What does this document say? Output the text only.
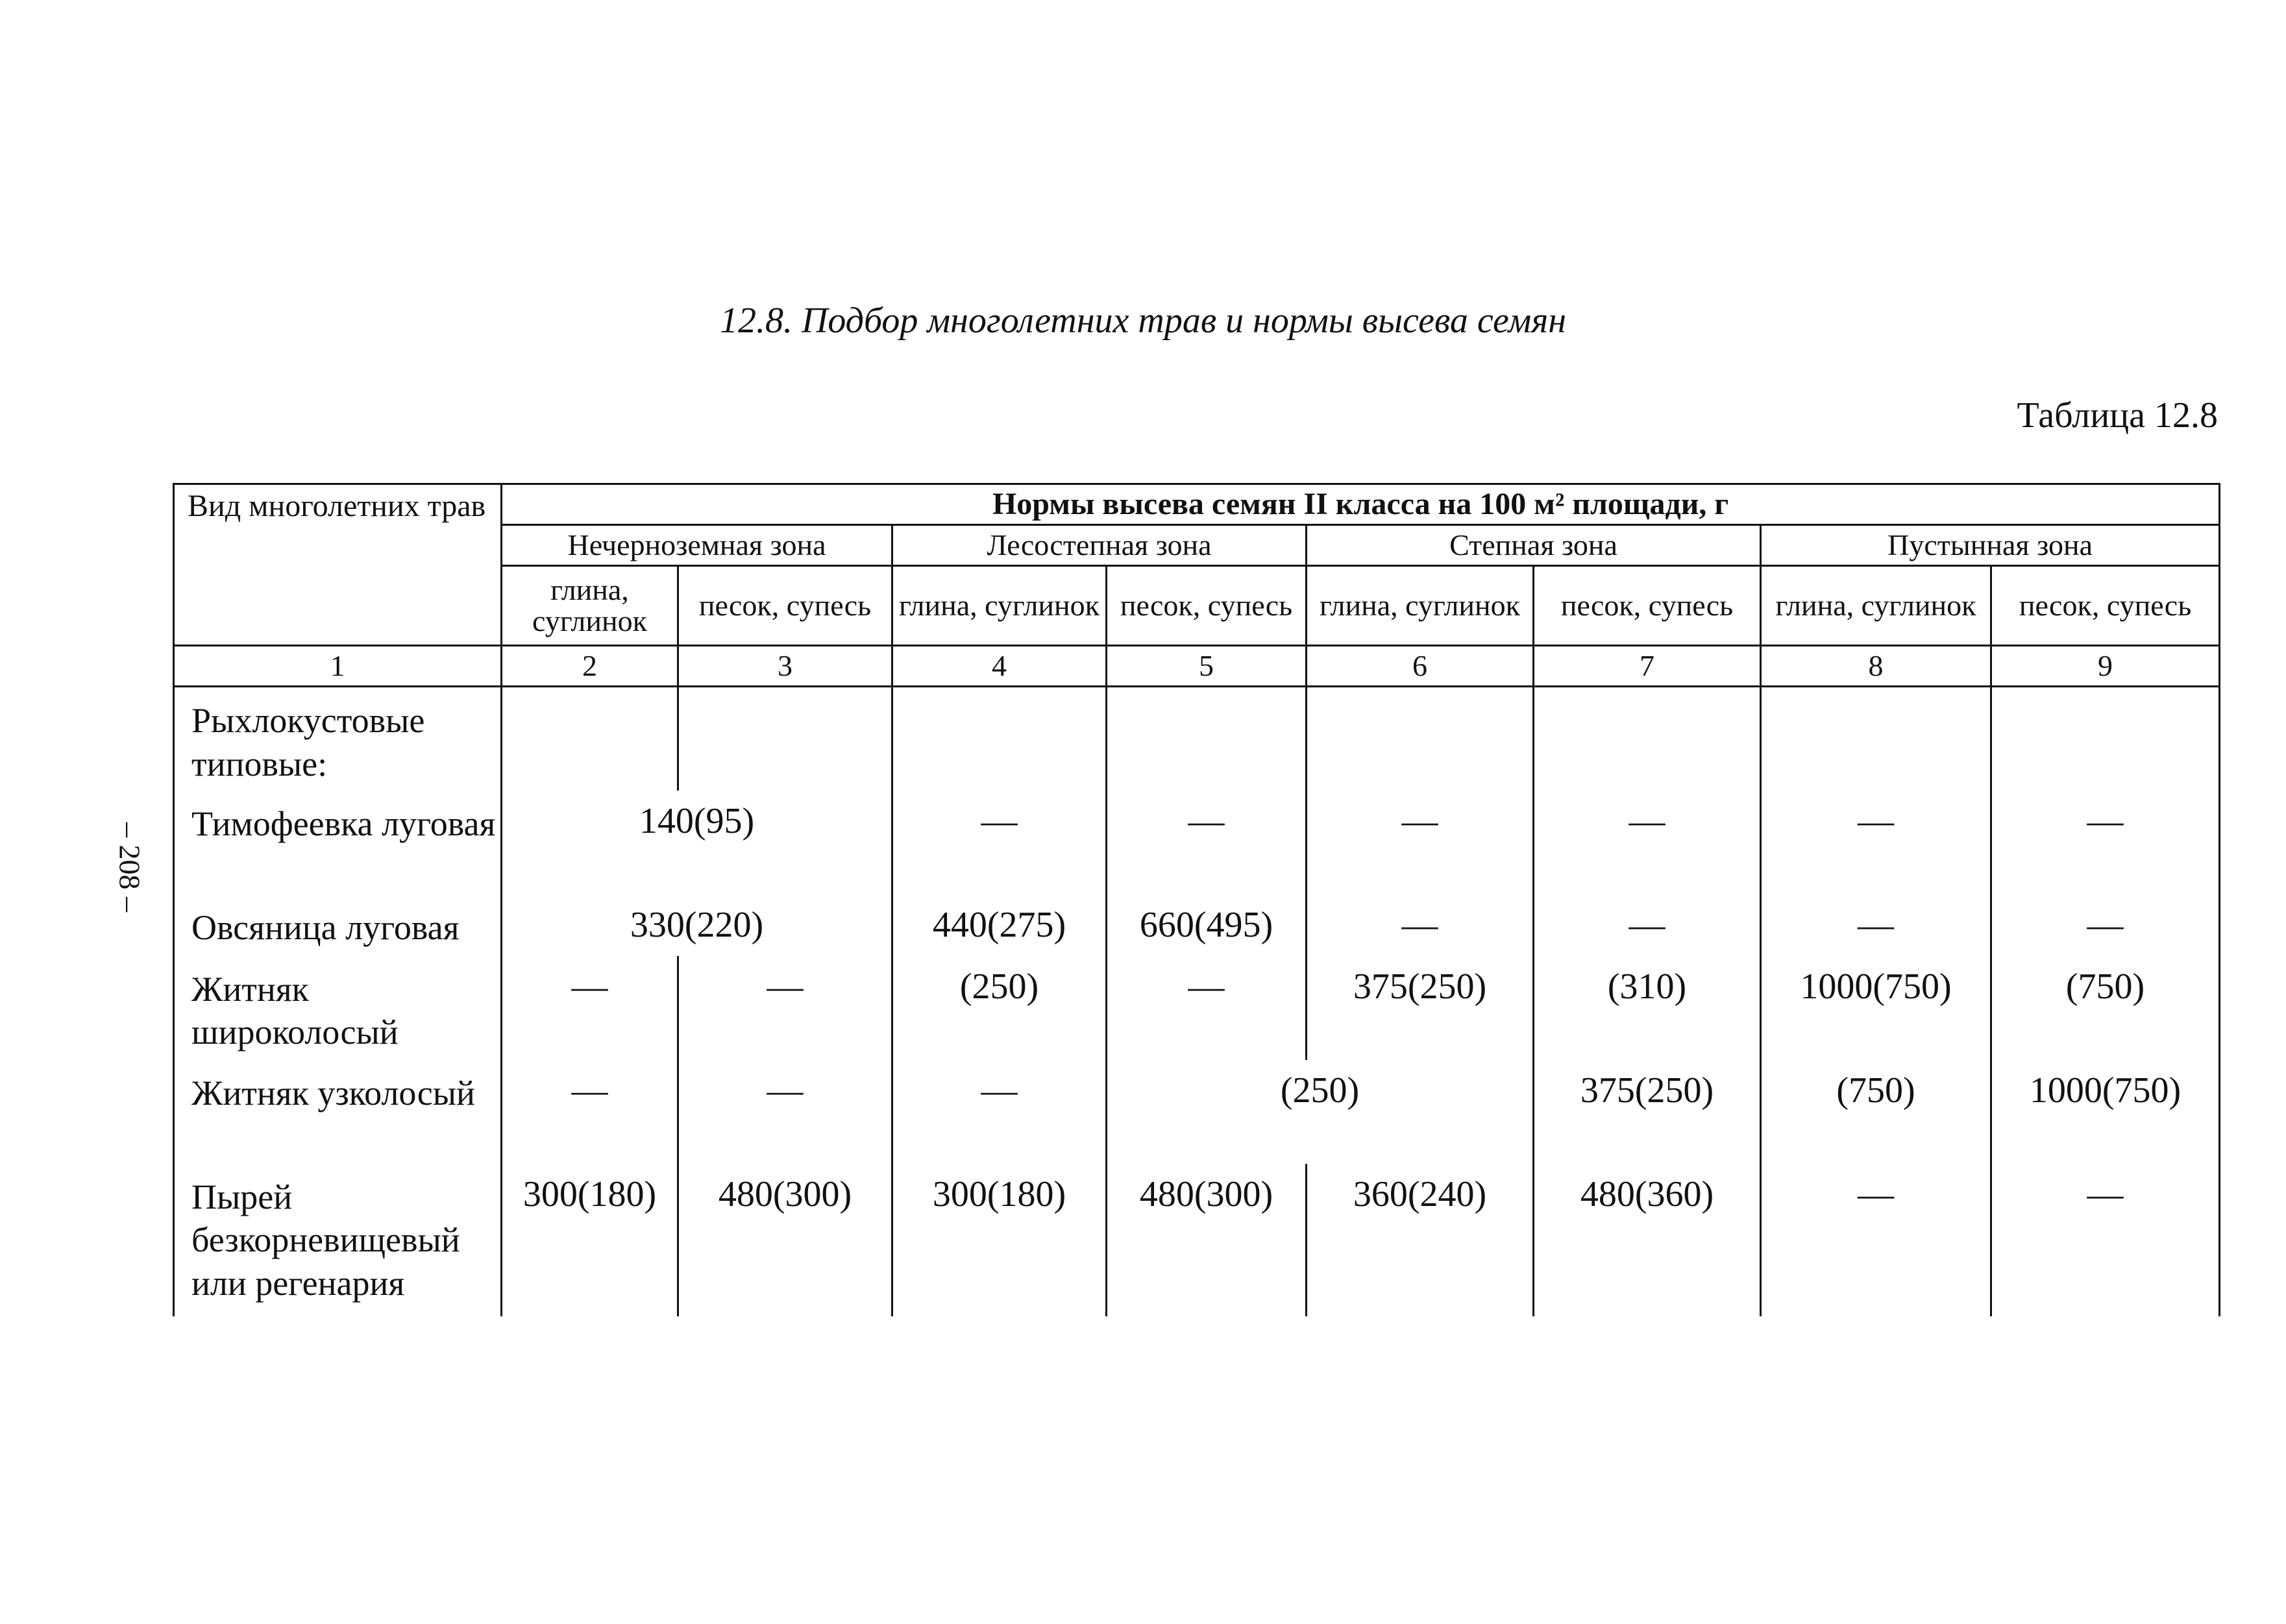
– 208 –
12.8. Подбор многолетних трав и нормы высева семян
Таблица 12.8
Вид многолетних трав	Нормы высева семян II класса на 100 м² площади, г							
	Нечерноземная зона		Лесостепная зона		Степная зона		Пустынная зона	
	глина, суглинок	песок, супесь	глина, суглинок	песок, супесь	глина, суглинок	песок, супесь	глина, суглинок	песок, супесь
1	2	3	4	5	6	7	8	9
Рыхлокустовые типовые:								
Тимофеевка луговая	140(95)		—	—	—	—	—	—
Овсяница луговая	330(220)		440(275)	660(495)	—	—	—	—
Житняк широколосый	—	—	(250)	—	375(250)	(310)	1000(750)	(750)
Житняк узколосый	—	—	—	(250)		375(250)	(750)	1000(750)
Пырей безкорневищевый или регенария	300(180)	480(300)	300(180)	480(300)	360(240)	480(360)	—	—
